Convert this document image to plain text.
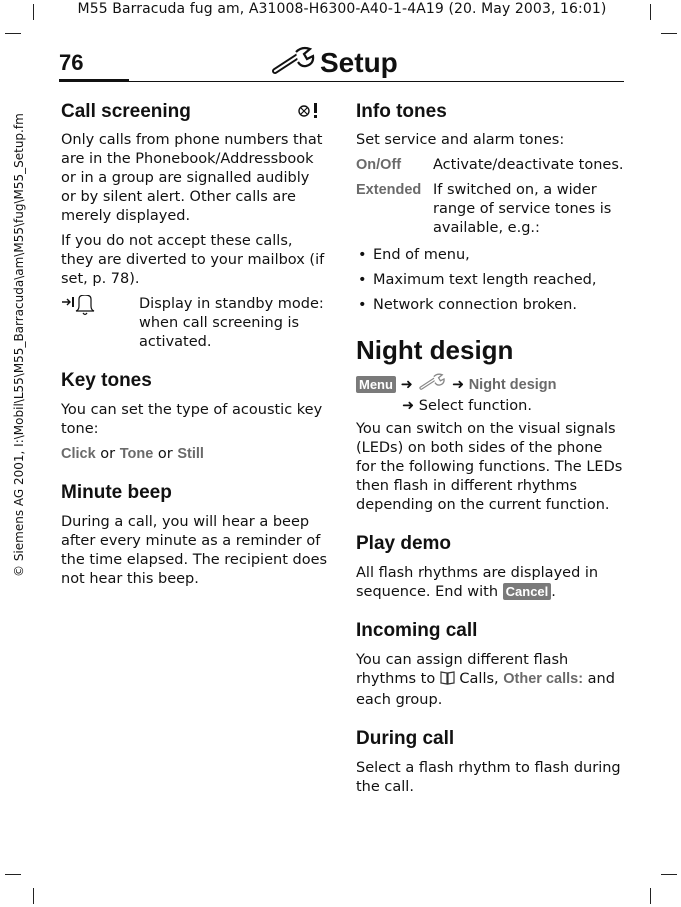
M55 Barracuda fug am, A31008-H6300-A40-1-4A19 (20. May 2003, 16:01)
© Siemens AG 2001, I:\Mobil\L55\M55_Barracuda\am\M55\fug\M55_Setup.fm
76	Setup
Call screening

Only calls from phone numbers that are in the Phonebook/Addressbook or in a group are signalled audibly or by silent alert. Other calls are merely displayed.

If you do not accept these calls, they are diverted to your mailbox (if set, p. 78).

Display in standby mode: when call screening is activated.
Key tones

You can set the type of acoustic key tone:

Click or Tone or Still

Minute beep

During a call, you will hear a beep after every minute as a reminder of the time elapsed. The recipient does not hear this beep.

Info tones

Set service and alarm tones:

On/Off	Activate/deactivate tones.
Extended If switched on, a wider range of service tones is available, e.g.:
• End of menu,
• Maximum text length reached,
• Network connection broken.
Night design
Menu ➜	➜ Night design
➜ Select function.

You can switch on the visual signals (LEDs) on both sides of the phone for the following functions. The LEDs then flash in different rhythms depending on the current function.

Play demo

All flash rhythms are displayed in sequence. End with Cancel .

Incoming call

You can assign different flash rhythms to  Calls, Other calls: and each group.

During call

Select a flash rhythm to flash during the call.
